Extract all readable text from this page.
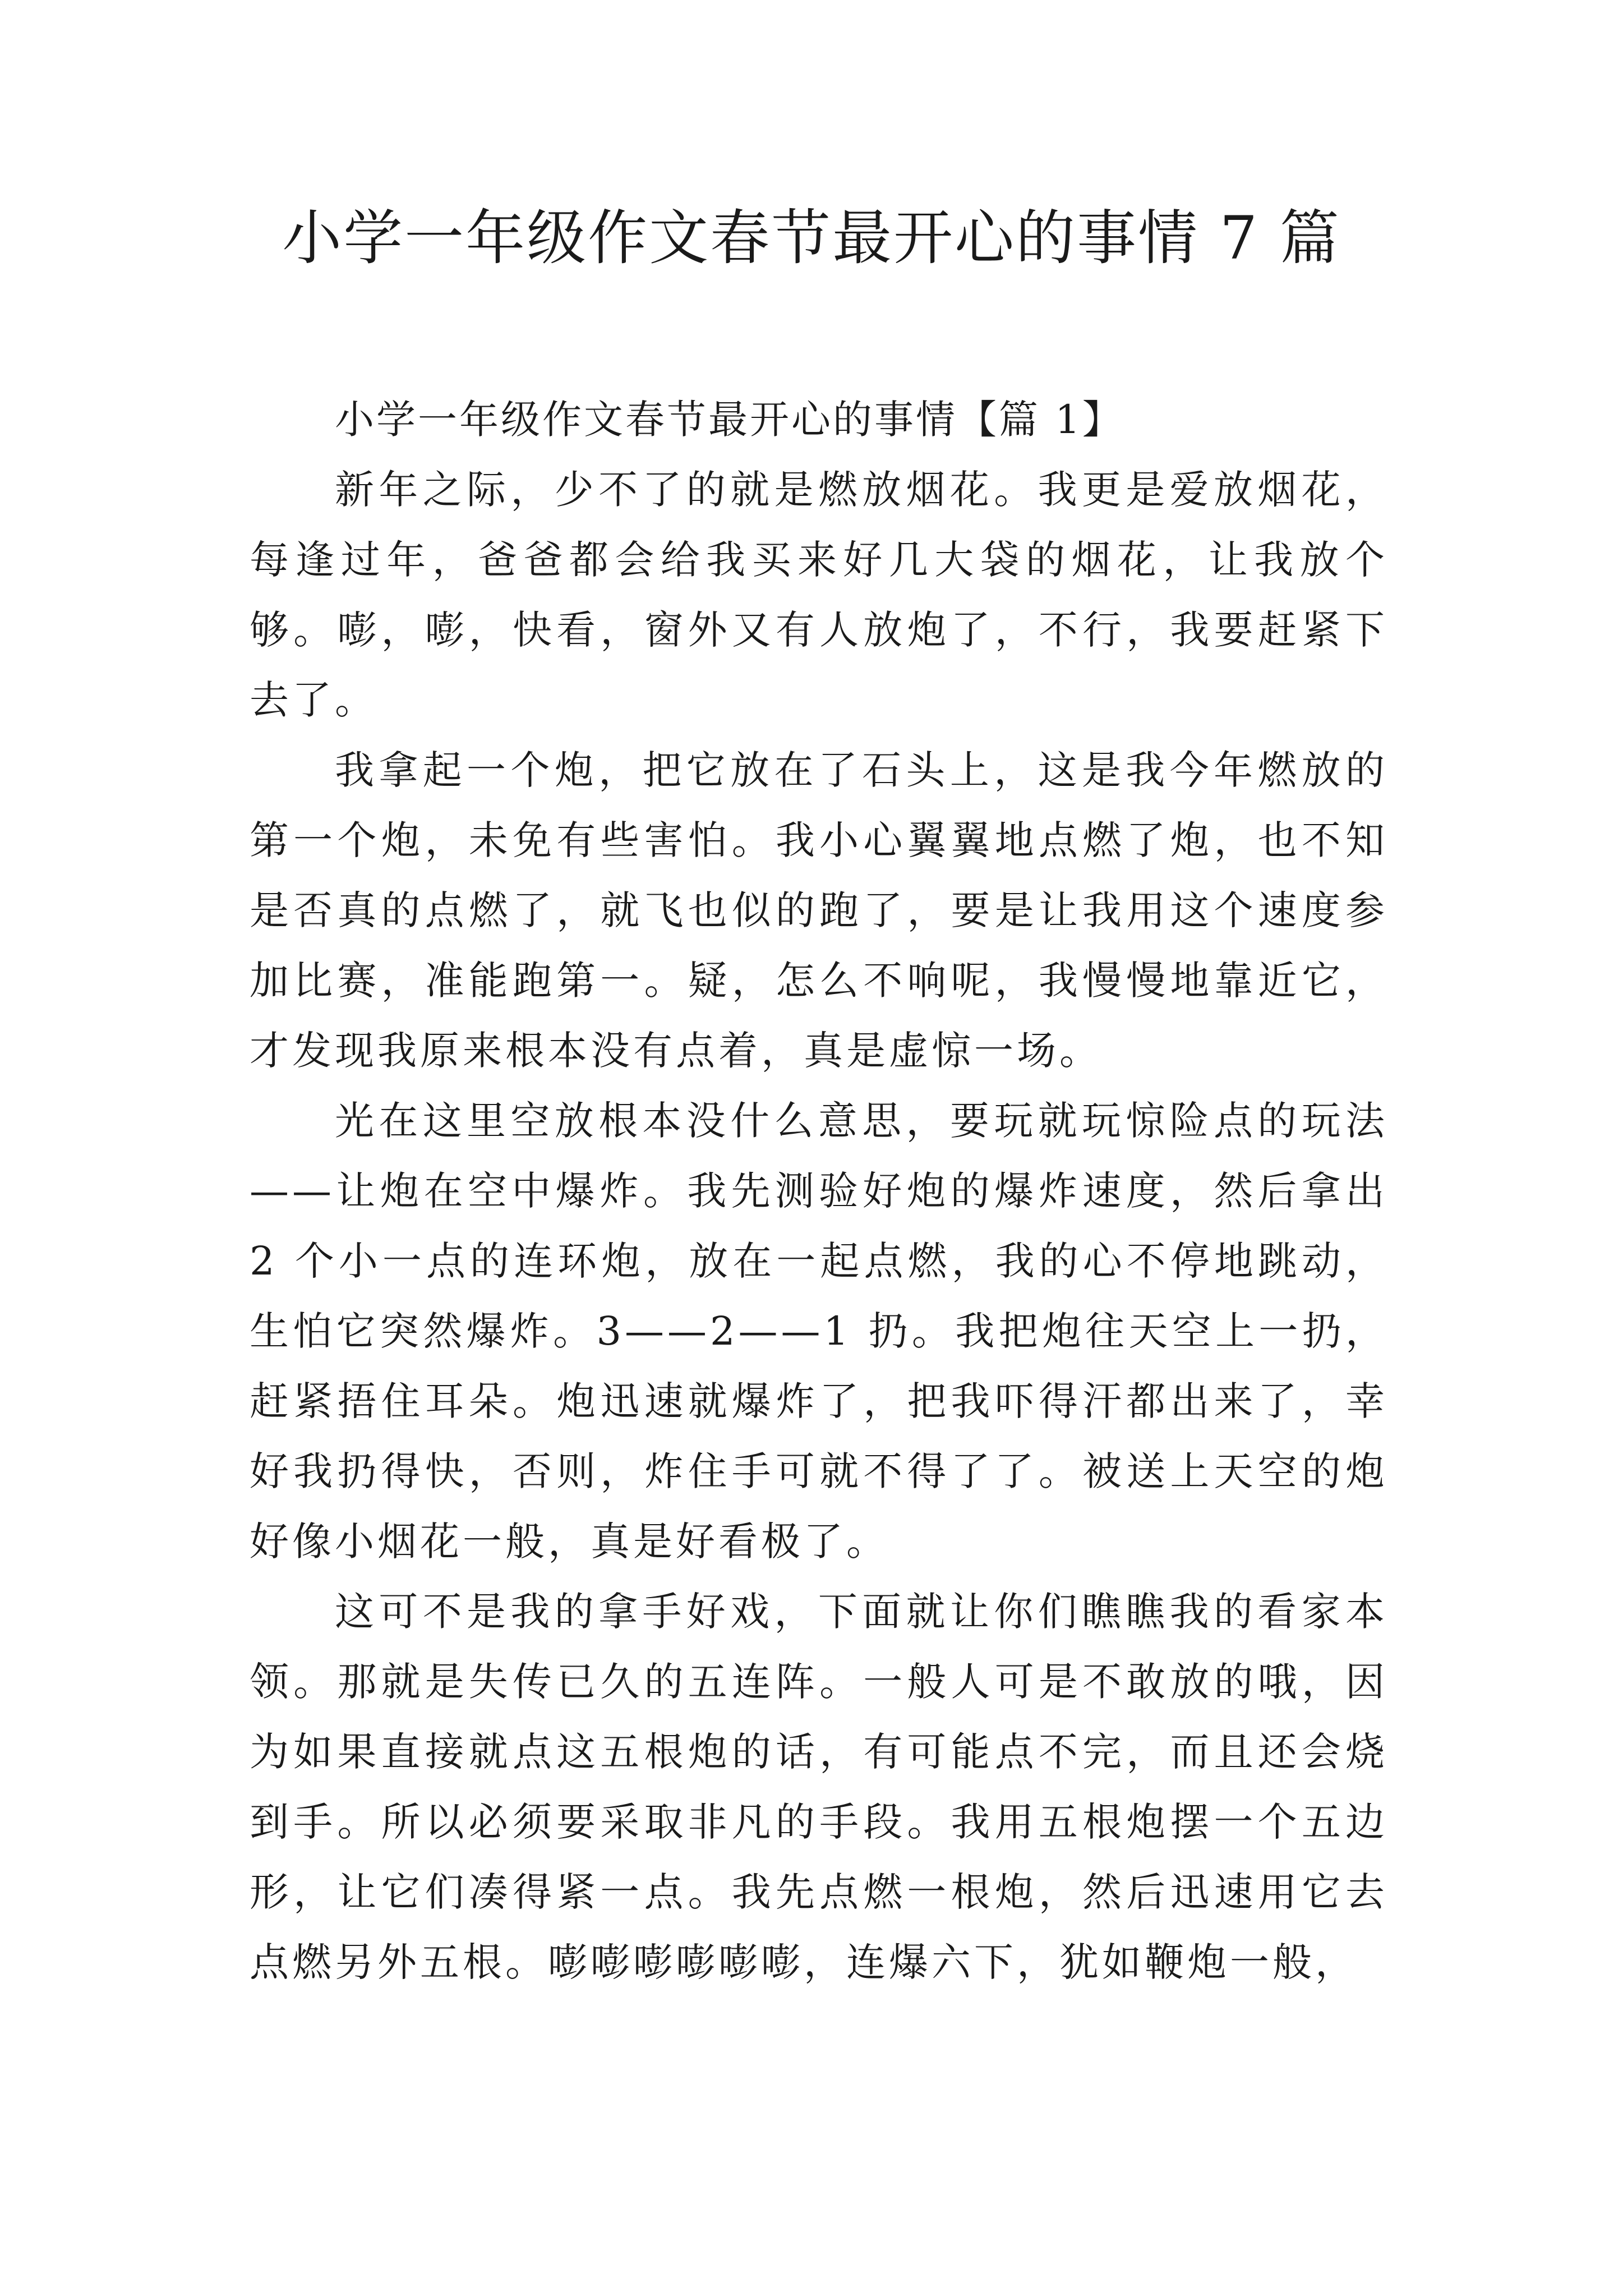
小学一年级作文春节最开心的事情 7 篇

小学一年级作文春节最开心的事情【篇 1】

新年之际，少不了的就是燃放烟花。我更是爱放烟花，每逢过年，爸爸都会给我买来好几大袋的烟花，让我放个够。嘭，嘭，快看，窗外又有人放炮了，不行，我要赶紧下去了。

我拿起一个炮，把它放在了石头上，这是我今年燃放的第一个炮，未免有些害怕。我小心翼翼地点燃了炮，也不知是否真的点燃了，就飞也似的跑了，要是让我用这个速度参加比赛，准能跑第一。疑，怎么不响呢，我慢慢地靠近它，才发现我原来根本没有点着，真是虚惊一场。

光在这里空放根本没什么意思，要玩就玩惊险点的玩法——让炮在空中爆炸。我先测验好炮的爆炸速度，然后拿出 2 个小一点的连环炮，放在一起点燃，我的心不停地跳动，生怕它突然爆炸。3——2——1 扔。我把炮往天空上一扔，赶紧捂住耳朵。炮迅速就爆炸了，把我吓得汗都出来了，幸好我扔得快，否则，炸住手可就不得了了。被送上天空的炮好像小烟花一般，真是好看极了。

这可不是我的拿手好戏，下面就让你们瞧瞧我的看家本领。那就是失传已久的五连阵。一般人可是不敢放的哦，因为如果直接就点这五根炮的话，有可能点不完，而且还会烧到手。所以必须要采取非凡的手段。我用五根炮摆一个五边形，让它们凑得紧一点。我先点燃一根炮，然后迅速用它去点燃另外五根。嘭嘭嘭嘭嘭嘭，连爆六下，犹如鞭炮一般，
